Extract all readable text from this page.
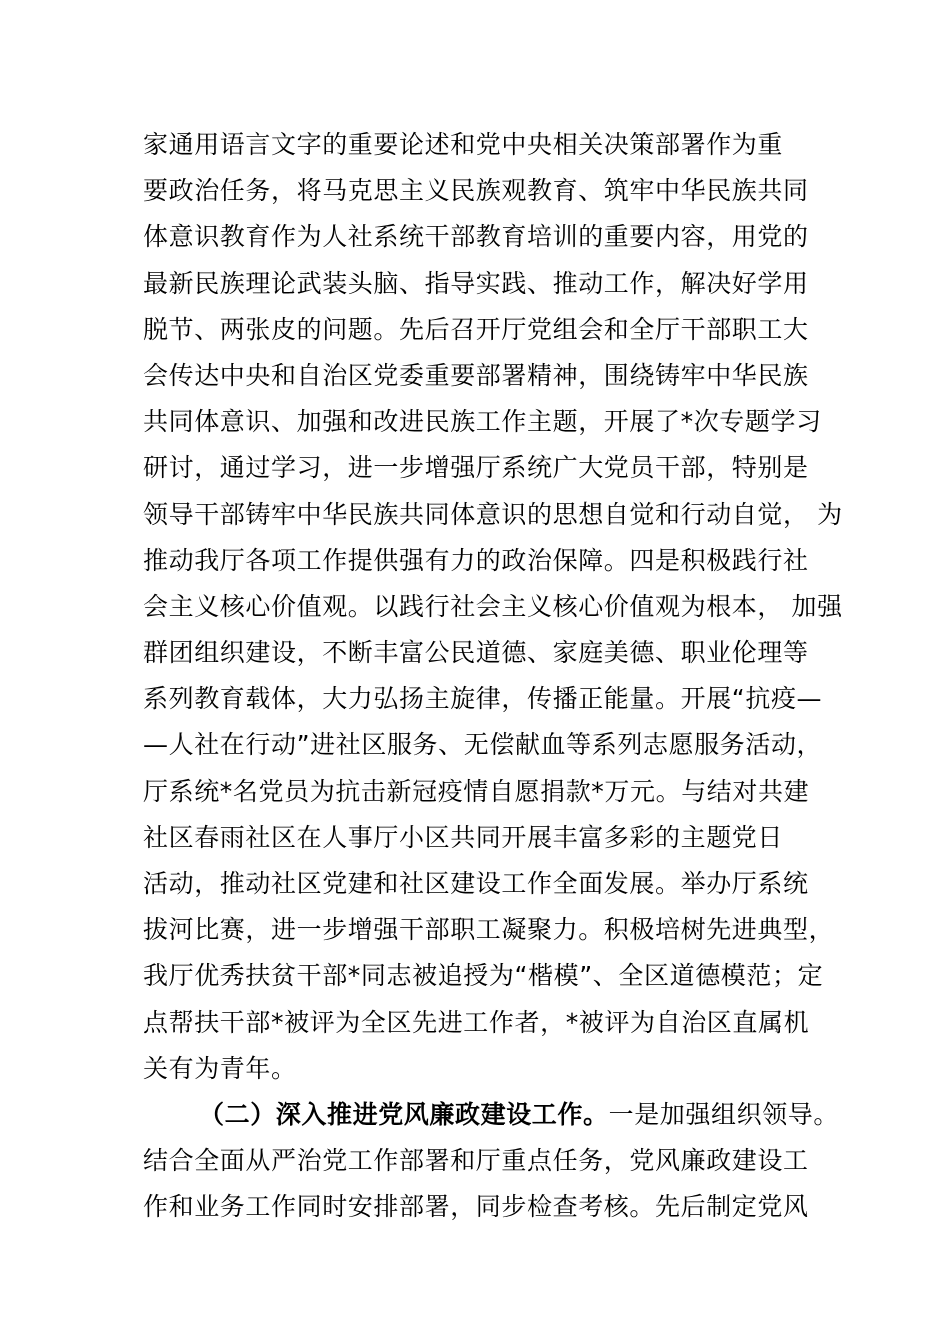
家通用语言文字的重要论述和党中央相关决策部署作为重
要政治任务，将马克思主义民族观教育、筑牢中华民族共同
体意识教育作为人社系统干部教育培训的重要内容，用党的
最新民族理论武装头脑、指导实践、推动工作，解决好学用
脱节、两张皮的问题。先后召开厅党组会和全厅干部职工大
会传达中央和自治区党委重要部署精神，围绕铸牢中华民族
共同体意识、加强和改进民族工作主题，开展了*次专题学习
研讨，通过学习，进一步增强厅系统广大党员干部，特别是
领导干部铸牢中华民族共同体意识的思想自觉和行动自觉， 为
推动我厅各项工作提供强有力的政治保障。四是积极践行社
会主义核心价值观。以践行社会主义核心价值观为根本， 加强
群团组织建设，不断丰富公民道德、家庭美德、职业伦理等
系列教育载体，大力弘扬主旋律，传播正能量。开展“抗疫—
—人社在行动”进社区服务、无偿献血等系列志愿服务活动，
厅系统*名党员为抗击新冠疫情自愿捐款*万元。与结对共建
社区春雨社区在人事厅小区共同开展丰富多彩的主题党日
活动，推动社区党建和社区建设工作全面发展。举办厅系统
拔河比赛，进一步增强干部职工凝聚力。积极培树先进典型，
我厅优秀扶贫干部*同志被追授为“楷模”、全区道德模范；定
点帮扶干部*被评为全区先进工作者，*被评为自治区直属机
关有为青年。
（二）深入推进党风廉政建设工作。一是加强组织领导。
结合全面从严治党工作部署和厅重点任务，党风廉政建设工
作和业务工作同时安排部署，同步检查考核。先后制定党风
